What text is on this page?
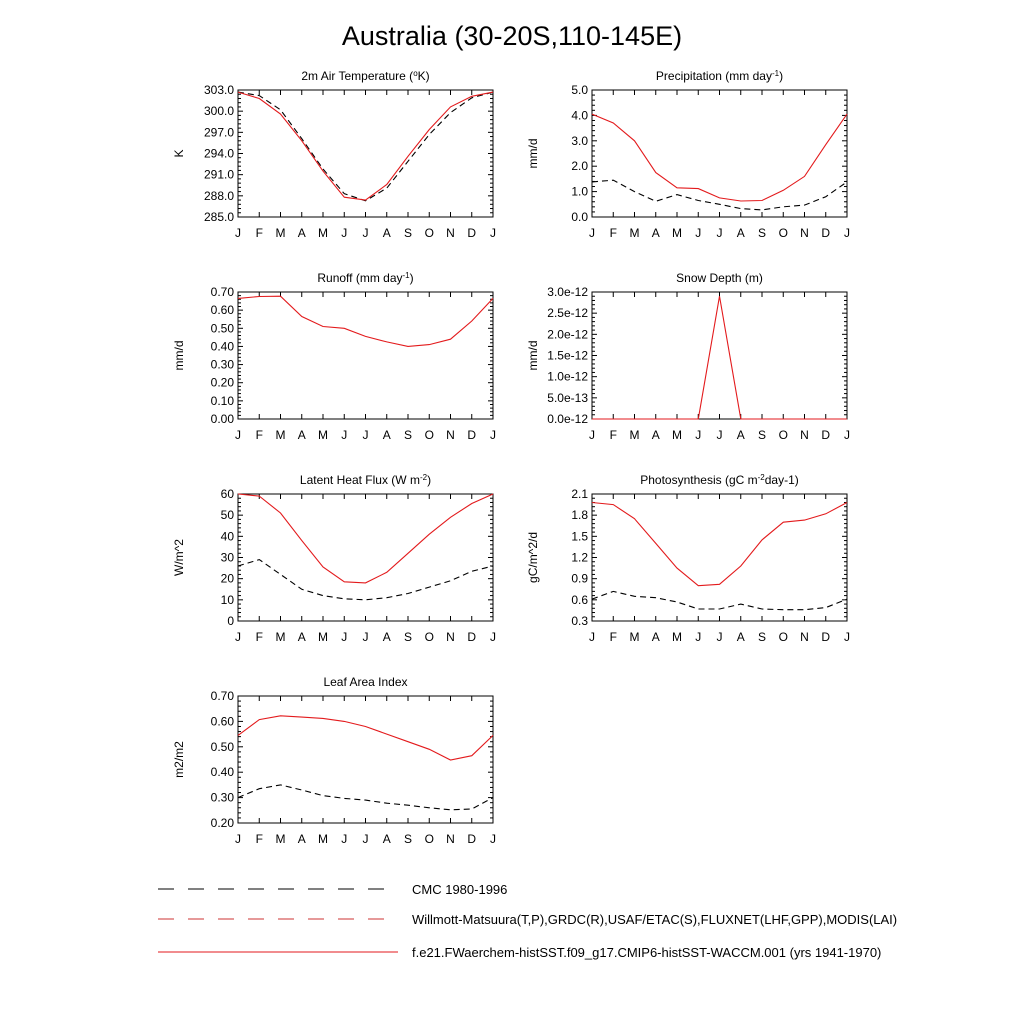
Australia (30-20S,110-145E)
2m Air Temperature ($^o$K)
285.0
288.0
291.0
294.0
297.0
300.0
303.0
J F M A M J J A S O N D J
K
Precipitation (mm day$^{-1}$)
0.0
1.0
2.0
3.0
4.0
5.0
J F M A M J J A S O N D J
mm/d
Runoff (mm day$^{-1}$)
0.00
0.10
0.20
0.30
0.40
0.50
0.60
0.70
J F M A M J J A S O N D J
mm/d
Snow Depth (m)
0.0e-12
5.0e-13
1.0e-12
1.5e-12
2.0e-12
2.5e-12
3.0e-12
J F M A M J J A S O N D J
mm/d
Latent Heat Flux (W $m^{-2}$)
0
10
20
30
40
50
60
J F M A M J J A S O N D J
W/m^2
Photosynthesis (gC $m^{-2}day-1$)
0.3
0.6
0.9
1.2
1.5
1.8
2.1
J F M A M J J A S O N D J
gC/m^2/d
Leaf Area Index
0.20
0.30
0.40
0.50
0.60
0.70
J F M A M J J A S O N D J
m2/m2
CMC 1980-1996
Willmott-Matsuura(T,P),GRDC(R),USAF/ETAC(S),FLUXNET(LHF,GPP),MODIS(LAI)
f.e21.FWaerchem-histSST.f09_g17.CMIP6-histSST-WACCM.001 (yrs 1941-1970)
